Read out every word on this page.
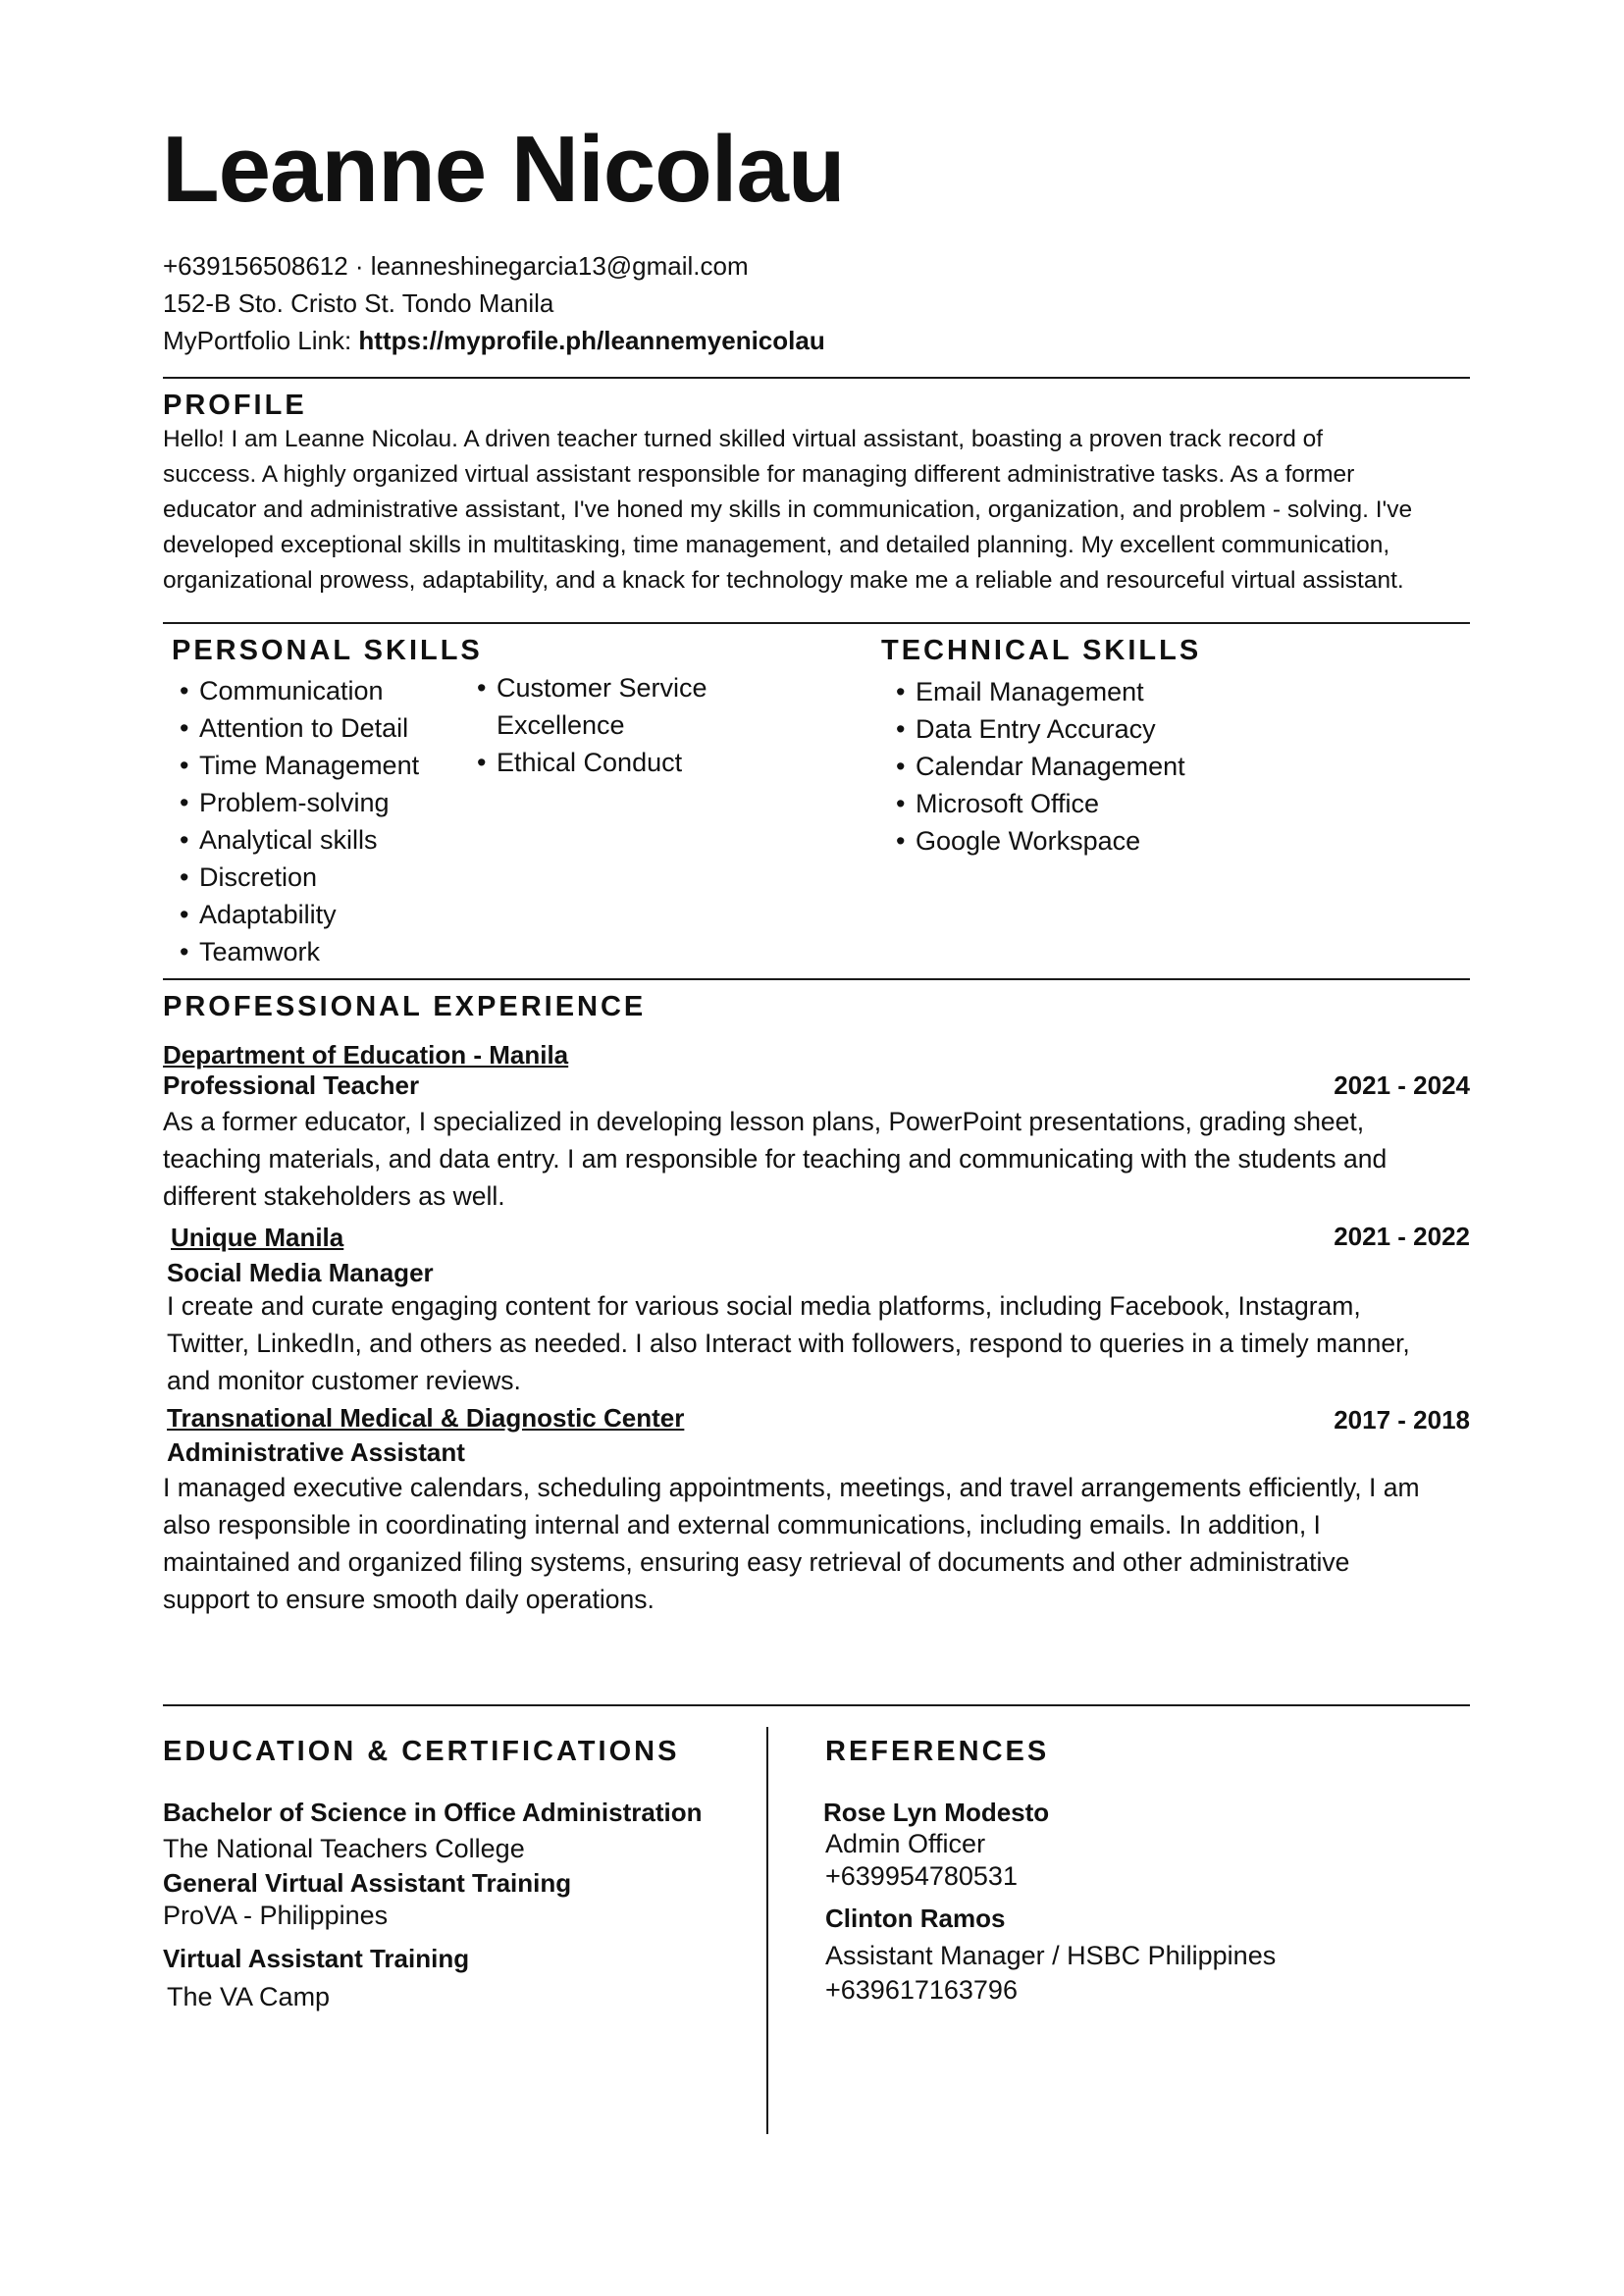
Leanne Nicolau
+639156508612 · leanneshinegarcia13@gmail.com
152-B Sto. Cristo St. Tondo Manila
MyPortfolio Link: https://myprofile.ph/leannemyenicolau
PROFILE
Hello! I am Leanne Nicolau. A driven teacher turned skilled virtual assistant, boasting a proven track record of
success. A highly organized virtual assistant responsible for managing different administrative tasks. As a former
educator and administrative assistant, I've honed my skills in communication, organization, and problem - solving. I've
developed exceptional skills in multitasking, time management, and detailed planning. My excellent communication,
organizational prowess, adaptability, and a knack for technology make me a reliable and resourceful virtual assistant.
PERSONAL SKILLS
• Communication
• Attention to Detail
• Time Management
• Problem-solving
• Analytical skills
• Discretion
• Adaptability
• Teamwork
• Customer Service
Excellence
• Ethical Conduct
TECHNICAL SKILLS
• Email Management
• Data Entry Accuracy
• Calendar Management
• Microsoft Office
• Google Workspace
PROFESSIONAL EXPERIENCE
Department of Education - Manila
Professional Teacher	2021 - 2024
As a former educator, I specialized in developing lesson plans, PowerPoint presentations, grading sheet,
teaching materials, and data entry. I am responsible for teaching and communicating with the students and
different stakeholders as well.
Unique Manila	2021 - 2022
Social Media Manager
I create and curate engaging content for various social media platforms, including Facebook, Instagram,
Twitter, LinkedIn, and others as needed. I also Interact with followers, respond to queries in a timely manner,
and monitor customer reviews.
Transnational Medical & Diagnostic Center	2017 - 2018
Administrative Assistant
I managed executive calendars, scheduling appointments, meetings, and travel arrangements efficiently, I am
also responsible in coordinating internal and external communications, including emails. In addition, I
maintained and organized filing systems, ensuring easy retrieval of documents and other administrative
support to ensure smooth daily operations.
EDUCATION & CERTIFICATIONS
Bachelor of Science in Office Administration
The National Teachers College
General Virtual Assistant Training
ProVA - Philippines
Virtual Assistant Training
The VA Camp
REFERENCES
Rose Lyn Modesto
Admin Officer
+639954780531
Clinton Ramos
Assistant Manager / HSBC Philippines
+639617163796
